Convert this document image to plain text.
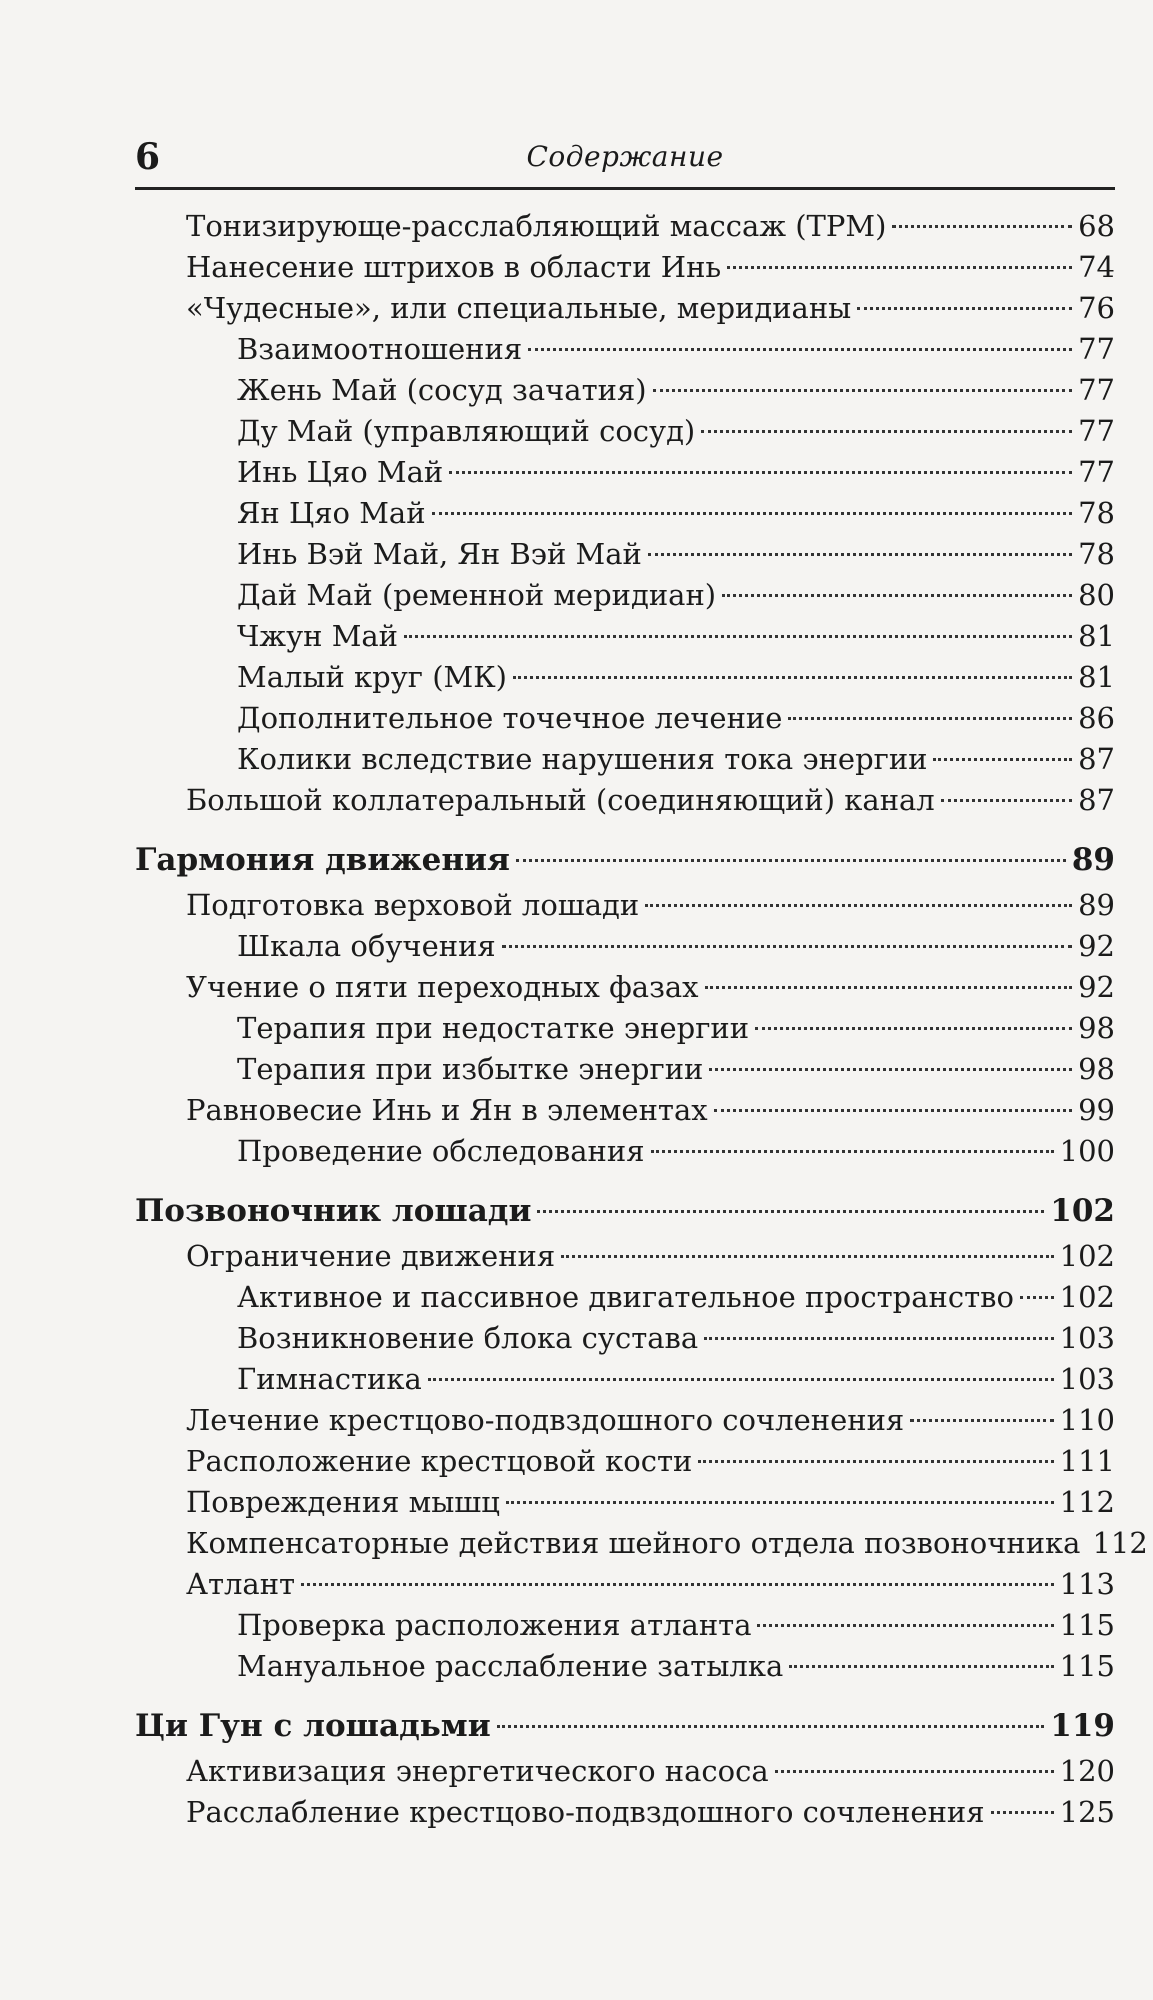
6	Содержание
Тонизирующе-расслабляющий массаж (ТРМ)	68
Нанесение штрихов в области Инь	74
«Чудесные», или специальные, меридианы	76
Взаимоотношения	77
Жень Май (сосуд зачатия)	77
Ду Май (управляющий сосуд)	77
Инь Цяо Май	77
Ян Цяо Май	78
Инь Вэй Май, Ян Вэй Май	78
Дай Май (ременной меридиан)	80
Чжун Май	81
Малый круг (МК)	81
Дополнительное точечное лечение	86
Колики вследствие нарушения тока энергии	87
Большой коллатеральный (соединяющий) канал	87
Гармония движения	89
Подготовка верховой лошади	89
Шкала обучения	92
Учение о пяти переходных фазах	92
Терапия при недостатке энергии	98
Терапия при избытке энергии	98
Равновесие Инь и Ян в элементах	99
Проведение обследования	100
Позвоночник лошади	102
Ограничение движения	102
Активное и пассивное двигательное пространство 102
Возникновение блока сустава	103
Гимнастика	103
Лечение крестцово-подвздошного сочленения	110
Расположение крестцовой кости	111
Повреждения мышц	112
Компенсаторные действия шейного отдела позвоночника 112
Атлант	113
Проверка расположения атланта	115
Мануальное расслабление затылка	115
Ци Гун с лошадьми	119
Активизация энергетического насоса	120
Расслабление крестцово-подвздошного сочленения	125
